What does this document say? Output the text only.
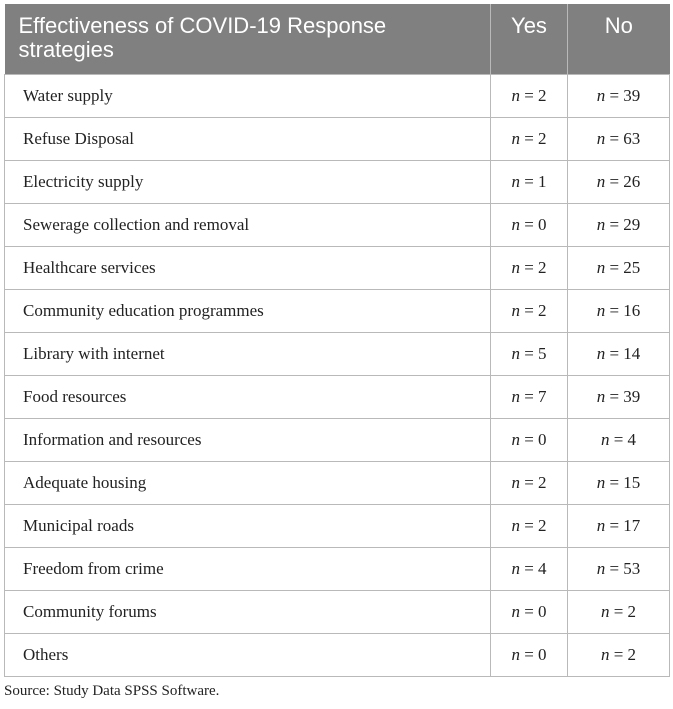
Effectiveness of COVID-19 Response strategies	Yes	No
Water supply	n = 2	n = 39
Refuse Disposal	n = 2	n = 63
Electricity supply	n = 1	n = 26
Sewerage collection and removal	n = 0	n = 29
Healthcare services	n = 2	n = 25
Community education programmes	n = 2	n = 16
Library with internet	n = 5	n = 14
Food resources	n = 7	n = 39
Information and resources	n = 0	n = 4
Adequate housing	n = 2	n = 15
Municipal roads	n = 2	n = 17
Freedom from crime	n = 4	n = 53
Community forums	n = 0	n = 2
Others	n = 0	n = 2
Source: Study Data SPSS Software.
